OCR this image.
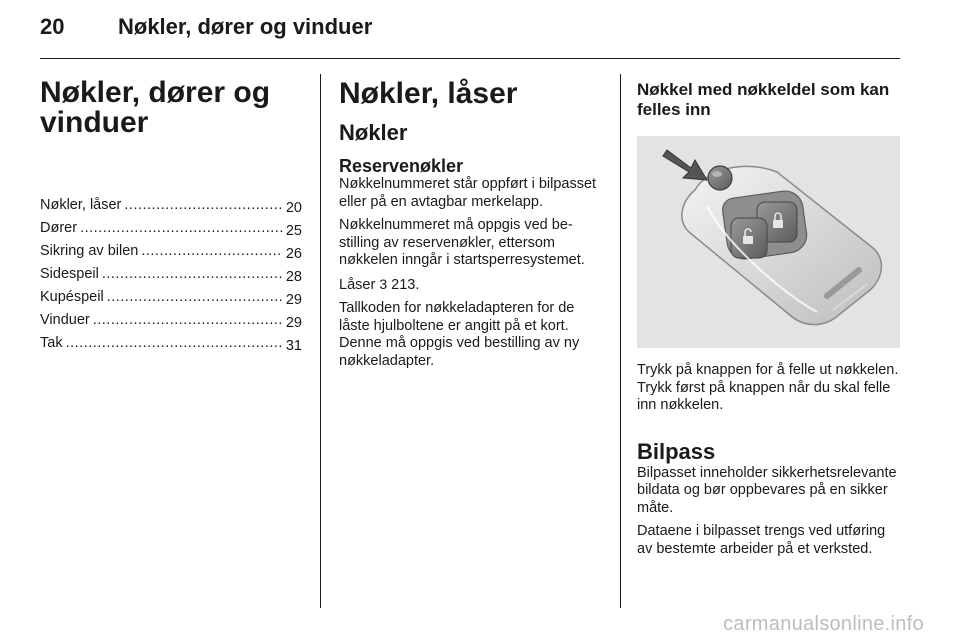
20 Nøkler, dører og vinduer
Nøkler, dører og vinduer
Nøkler, låser .....	20
Dører .....	25
Sikring av bilen .....	26
Sidespeil .....	28
Kupéspeil .....	29
Vinduer .....	29
Tak .....	31
Nøkler, låser
Nøkler
Reservenøkler

Nøkkelnummeret står oppført i bilpasset eller på en avtagbar merkelapp.

Nøkkelnummeret må oppgis ved bestilling av reservenøkler, ettersom nøkkelen inngår i startsperresystemet.

Låser 3 213.

Tallkoden for nøkkeladapteren for de låste hjulboltene er angitt på et kort. Denne må oppgis ved bestilling av ny nøkkeladapter.

Nøkkel med nøkkeldel som kan felles inn

Trykk på knappen for å felle ut nøkkelen. Trykk først på knappen når du skal felle inn nøkkelen.

Bilpass

Bilpasset inneholder sikkerhetsrelevante bildata og bør oppbevares på en sikker måte.

Dataene i bilpasset trengs ved utføring av bestemte arbeider på et verksted.

carmanualsonline.info
